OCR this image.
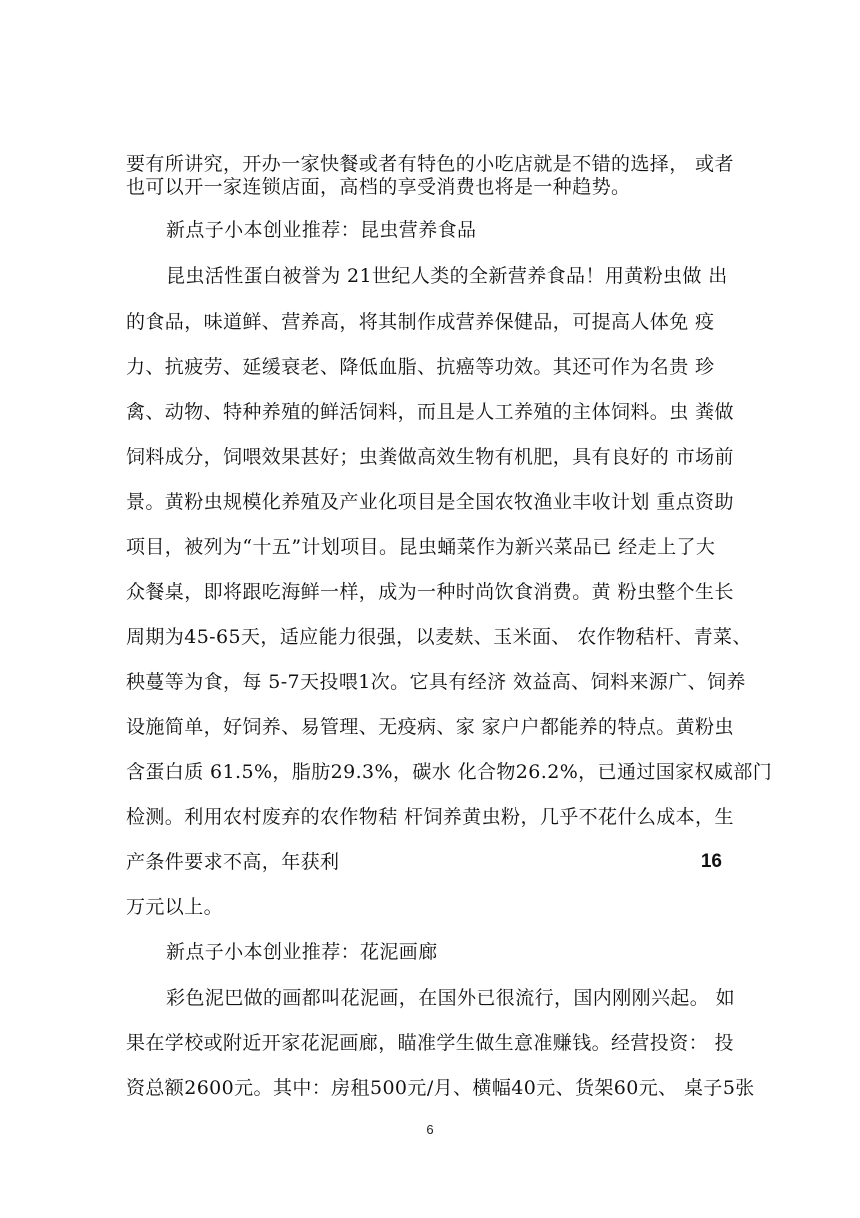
要有所讲究，开办一家快餐或者有特色的小吃店就是不错的选择， 或者
也可以开一家连锁店面，高档的享受消费也将是一种趋势。
新点子小本创业推荐：昆虫营养食品
昆虫活性蛋白被誉为 21世纪人类的全新营养食品！用黄粉虫做 出
的食品，味道鲜、营养高，将其制作成营养保健品，可提高人体免 疫
力、抗疲劳、延缓衰老、降低血脂、抗癌等功效。其还可作为名贵 珍
禽、动物、特种养殖的鲜活饲料，而且是人工养殖的主体饲料。虫 粪做
饲料成分，饲喂效果甚好；虫粪做高效生物有机肥，具有良好的 市场前
景。黄粉虫规模化养殖及产业化项目是全国农牧渔业丰收计划 重点资助
项目，被列为“十五”计划项目。昆虫蛹菜作为新兴菜品已 经走上了大
众餐桌，即将跟吃海鲜一样，成为一种时尚饮食消费。黄 粉虫整个生长
周期为45-65天，适应能力很强，以麦麸、玉米面、 农作物秸杆、青菜、
秧蔓等为食，每 5-7天投喂1次。它具有经济 效益高、饲料来源广、饲养
设施简单，好饲养、易管理、无疫病、家 家户户都能养的特点。黄粉虫
含蛋白质 61.5%，脂肪29.3%，碳水 化合物26.2%，已通过国家权威部门
检测。利用农村废弃的农作物秸 杆饲养黄虫粉，几乎不花什么成本，生
产条件要求不高，年获利	16
万元以上。
新点子小本创业推荐：花泥画廊
彩色泥巴做的画都叫花泥画，在国外已很流行，国内刚刚兴起。 如
果在学校或附近开家花泥画廊，瞄准学生做生意准赚钱。经营投资： 投
资总额2600元。其中：房租500元/月、横幅40元、货架60元、 桌子5张
6
